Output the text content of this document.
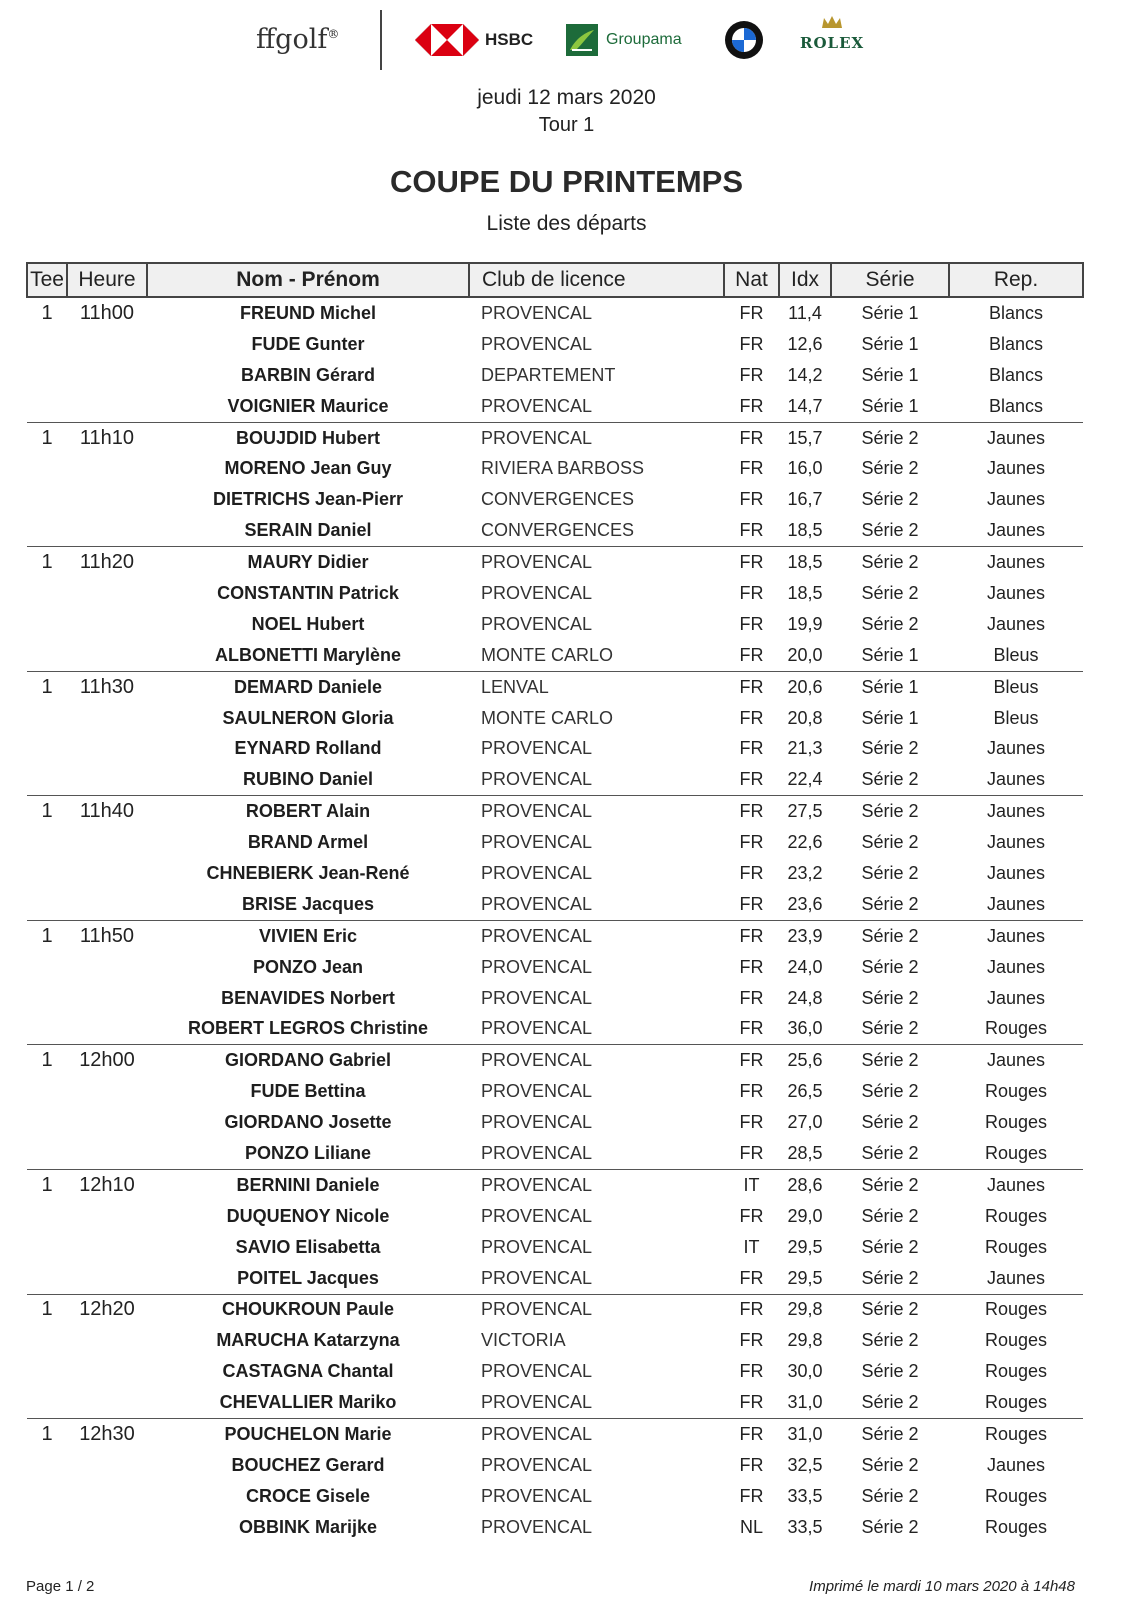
ffgolf®	HSBC	Groupama	ROLEX
jeudi 12 mars 2020
Tour 1
COUPE DU PRINTEMPS
Liste des départs
Tee	Heure	Nom - Prénom	Club de licence	Nat	Idx	Série	Rep.
1	11h00	FREUND Michel	PROVENCAL	FR	11,4	Série 1	Blancs
		FUDE Gunter	PROVENCAL	FR	12,6	Série 1	Blancs
		BARBIN Gérard	DEPARTEMENT	FR	14,2	Série 1	Blancs
		VOIGNIER Maurice	PROVENCAL	FR	14,7	Série 1	Blancs
1	11h10	BOUJDID Hubert	PROVENCAL	FR	15,7	Série 2	Jaunes
		MORENO Jean Guy	RIVIERA BARBOSS	FR	16,0	Série 2	Jaunes
		DIETRICHS Jean-Pierr	CONVERGENCES	FR	16,7	Série 2	Jaunes
		SERAIN Daniel	CONVERGENCES	FR	18,5	Série 2	Jaunes
1	11h20	MAURY Didier	PROVENCAL	FR	18,5	Série 2	Jaunes
		CONSTANTIN Patrick	PROVENCAL	FR	18,5	Série 2	Jaunes
		NOEL Hubert	PROVENCAL	FR	19,9	Série 2	Jaunes
		ALBONETTI Marylène	MONTE CARLO	FR	20,0	Série 1	Bleus
1	11h30	DEMARD Daniele	LENVAL	FR	20,6	Série 1	Bleus
		SAULNERON Gloria	MONTE CARLO	FR	20,8	Série 1	Bleus
		EYNARD Rolland	PROVENCAL	FR	21,3	Série 2	Jaunes
		RUBINO Daniel	PROVENCAL	FR	22,4	Série 2	Jaunes
1	11h40	ROBERT Alain	PROVENCAL	FR	27,5	Série 2	Jaunes
		BRAND Armel	PROVENCAL	FR	22,6	Série 2	Jaunes
		CHNEBIERK Jean-René	PROVENCAL	FR	23,2	Série 2	Jaunes
		BRISE Jacques	PROVENCAL	FR	23,6	Série 2	Jaunes
1	11h50	VIVIEN Eric	PROVENCAL	FR	23,9	Série 2	Jaunes
		PONZO Jean	PROVENCAL	FR	24,0	Série 2	Jaunes
		BENAVIDES Norbert	PROVENCAL	FR	24,8	Série 2	Jaunes
		ROBERT LEGROS Christine	PROVENCAL	FR	36,0	Série 2	Rouges
1	12h00	GIORDANO Gabriel	PROVENCAL	FR	25,6	Série 2	Jaunes
		FUDE Bettina	PROVENCAL	FR	26,5	Série 2	Rouges
		GIORDANO Josette	PROVENCAL	FR	27,0	Série 2	Rouges
		PONZO Liliane	PROVENCAL	FR	28,5	Série 2	Rouges
1	12h10	BERNINI Daniele	PROVENCAL	IT	28,6	Série 2	Jaunes
		DUQUENOY Nicole	PROVENCAL	FR	29,0	Série 2	Rouges
		SAVIO Elisabetta	PROVENCAL	IT	29,5	Série 2	Rouges
		POITEL Jacques	PROVENCAL	FR	29,5	Série 2	Jaunes
1	12h20	CHOUKROUN Paule	PROVENCAL	FR	29,8	Série 2	Rouges
		MARUCHA Katarzyna	VICTORIA	FR	29,8	Série 2	Rouges
		CASTAGNA Chantal	PROVENCAL	FR	30,0	Série 2	Rouges
		CHEVALLIER Mariko	PROVENCAL	FR	31,0	Série 2	Rouges
1	12h30	POUCHELON Marie	PROVENCAL	FR	31,0	Série 2	Rouges
		BOUCHEZ Gerard	PROVENCAL	FR	32,5	Série 2	Jaunes
		CROCE Gisele	PROVENCAL	FR	33,5	Série 2	Rouges
		OBBINK Marijke	PROVENCAL	NL	33,5	Série 2	Rouges
Page 1 / 2	Imprimé le mardi 10 mars 2020 à 14h48
